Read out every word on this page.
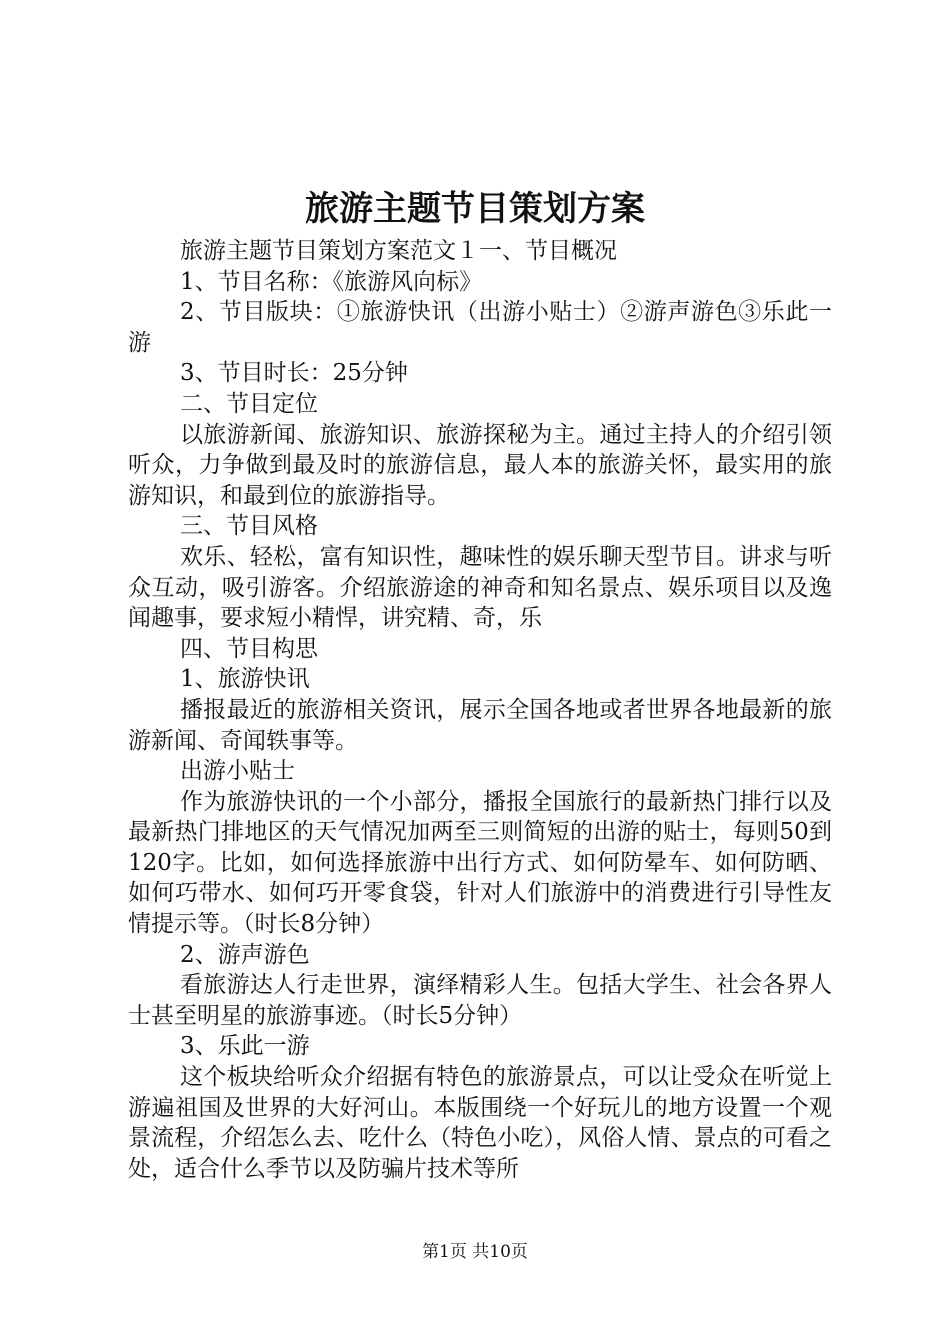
旅游主题节目策划方案

旅游主题节目策划方案范文１一、节目概况

1、节目名称：《旅游风向标》

2、节目版块：①旅游快讯（出游小贴士）②游声游色③乐此一游

3、节目时长：25分钟

二、节目定位

以旅游新闻、旅游知识、旅游探秘为主。通过主持人的介绍引领听众，力争做到最及时的旅游信息，最人本的旅游关怀，最实用的旅游知识，和最到位的旅游指导。

三、节目风格

欢乐、轻松，富有知识性，趣味性的娱乐聊天型节目。讲求与听众互动，吸引游客。介绍旅游途的神奇和知名景点、娱乐项目以及逸闻趣事，要求短小精悍，讲究精、奇，乐

四、节目构思

1、旅游快讯

播报最近的旅游相关资讯，展示全国各地或者世界各地最新的旅游新闻、奇闻轶事等。

出游小贴士

作为旅游快讯的一个小部分，播报全国旅行的最新热门排行以及最新热门排地区的天气情况加两至三则简短的出游的贴士，每则50到120字。比如，如何选择旅游中出行方式、如何防晕车、如何防晒、如何巧带水、如何巧开零食袋，针对人们旅游中的消费进行引导性友情提示等。（时长8分钟）

2、游声游色

看旅游达人行走世界，演绎精彩人生。包括大学生、社会各界人士甚至明星的旅游事迹。（时长5分钟）

3、乐此一游

这个板块给听众介绍据有特色的旅游景点，可以让受众在听觉上游遍祖国及世界的大好河山。本版围绕一个好玩儿的地方设置一个观景流程，介绍怎么去、吃什么（特色小吃），风俗人情、景点的可看之处，适合什么季节以及防骗片技术等所

第1页 共10页
